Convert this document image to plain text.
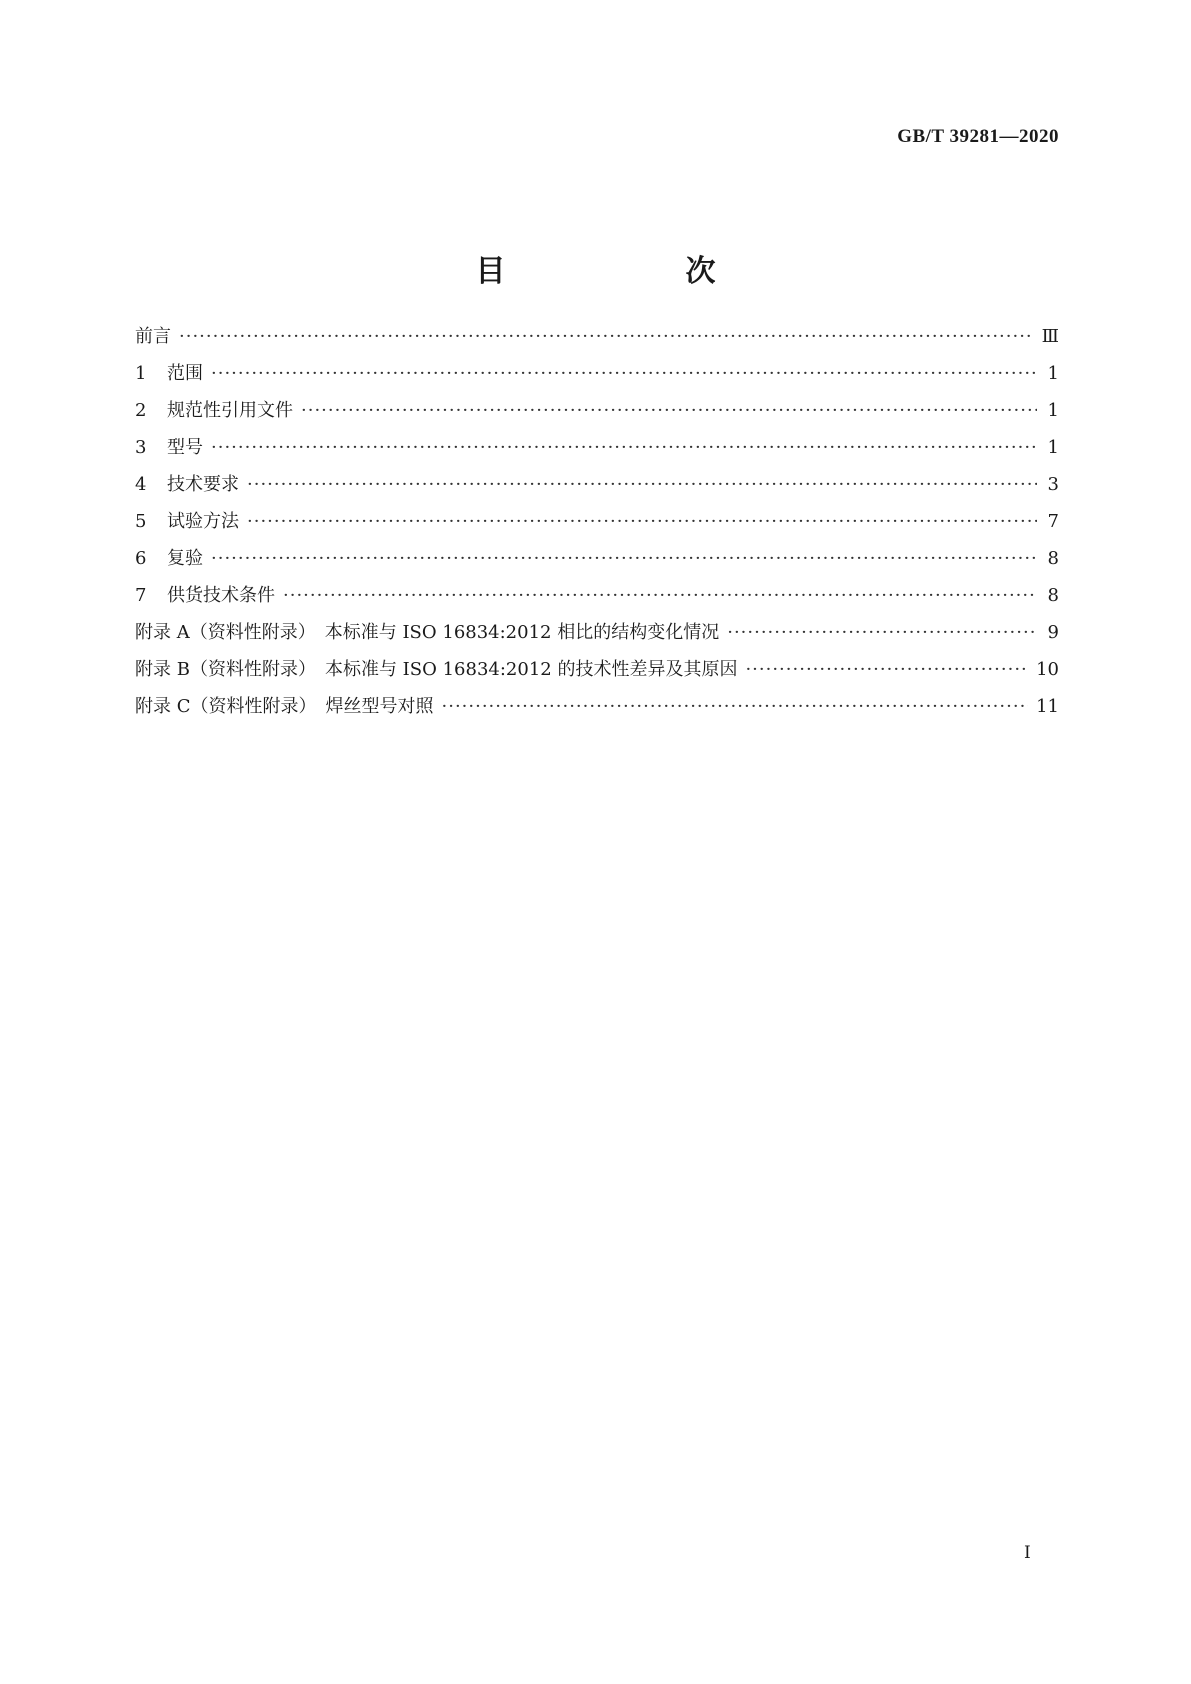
GB/T 39281—2020
目　　次
前言 ·····	Ⅲ
1	范围 ·····	1
2	规范性引用文件 ·····	1
3	型号 ·····	1
4	技术要求 ·····	3
5	试验方法 ·····	7
6	复验 ·····	8
7	供货技术条件 ·····	8
附录 A（资料性附录）　本标准与 ISO 16834:2012 相比的结构变化情况 ·····	9
附录 B（资料性附录）　本标准与 ISO 16834:2012 的技术性差异及其原因 ·····	10
附录 C（资料性附录）　焊丝型号对照 ·····	11
Ⅰ
